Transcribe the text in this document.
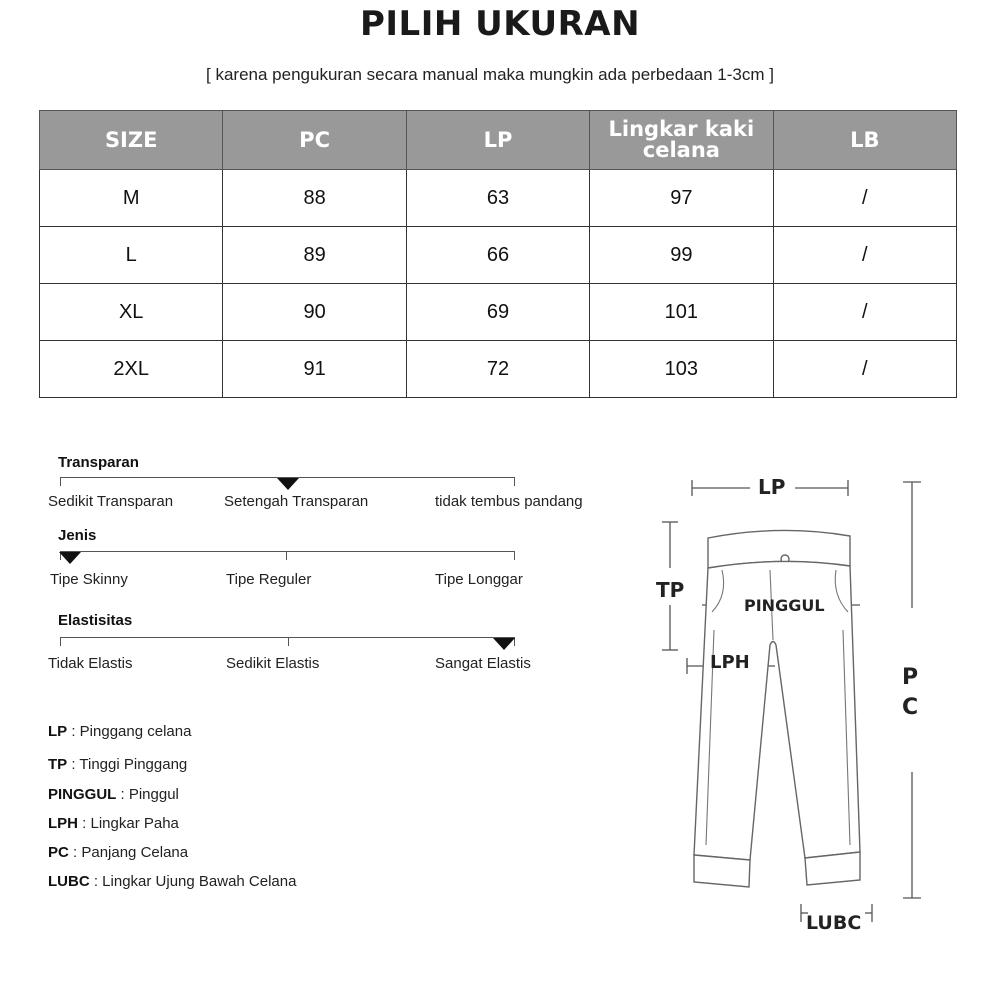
PILIH UKURAN
[ karena pengukuran secara manual maka mungkin ada perbedaan 1-3cm ]
SIZE	PC	LP	Lingkar kaki celana	LB
M	88	63	97	/
L	89	66	99	/
XL	90	69	101	/
2XL	91	72	103	/
Transparan
Sedikit Transparan	Setengah Transparan	tidak tembus pandang
Jenis
Tipe Skinny	Tipe Reguler	Tipe Longgar
Elastisitas
Tidak Elastis	Sedikit Elastis	Sangat Elastis
LP : Pinggang celana
TP : Tinggi Pinggang
PINGGUL : Pinggul
LPH : Lingkar Paha
PC : Panjang Celana
LUBC : Lingkar Ujung Bawah Celana
LP
TP
PINGGUL
LPH
P
C
LUBC
